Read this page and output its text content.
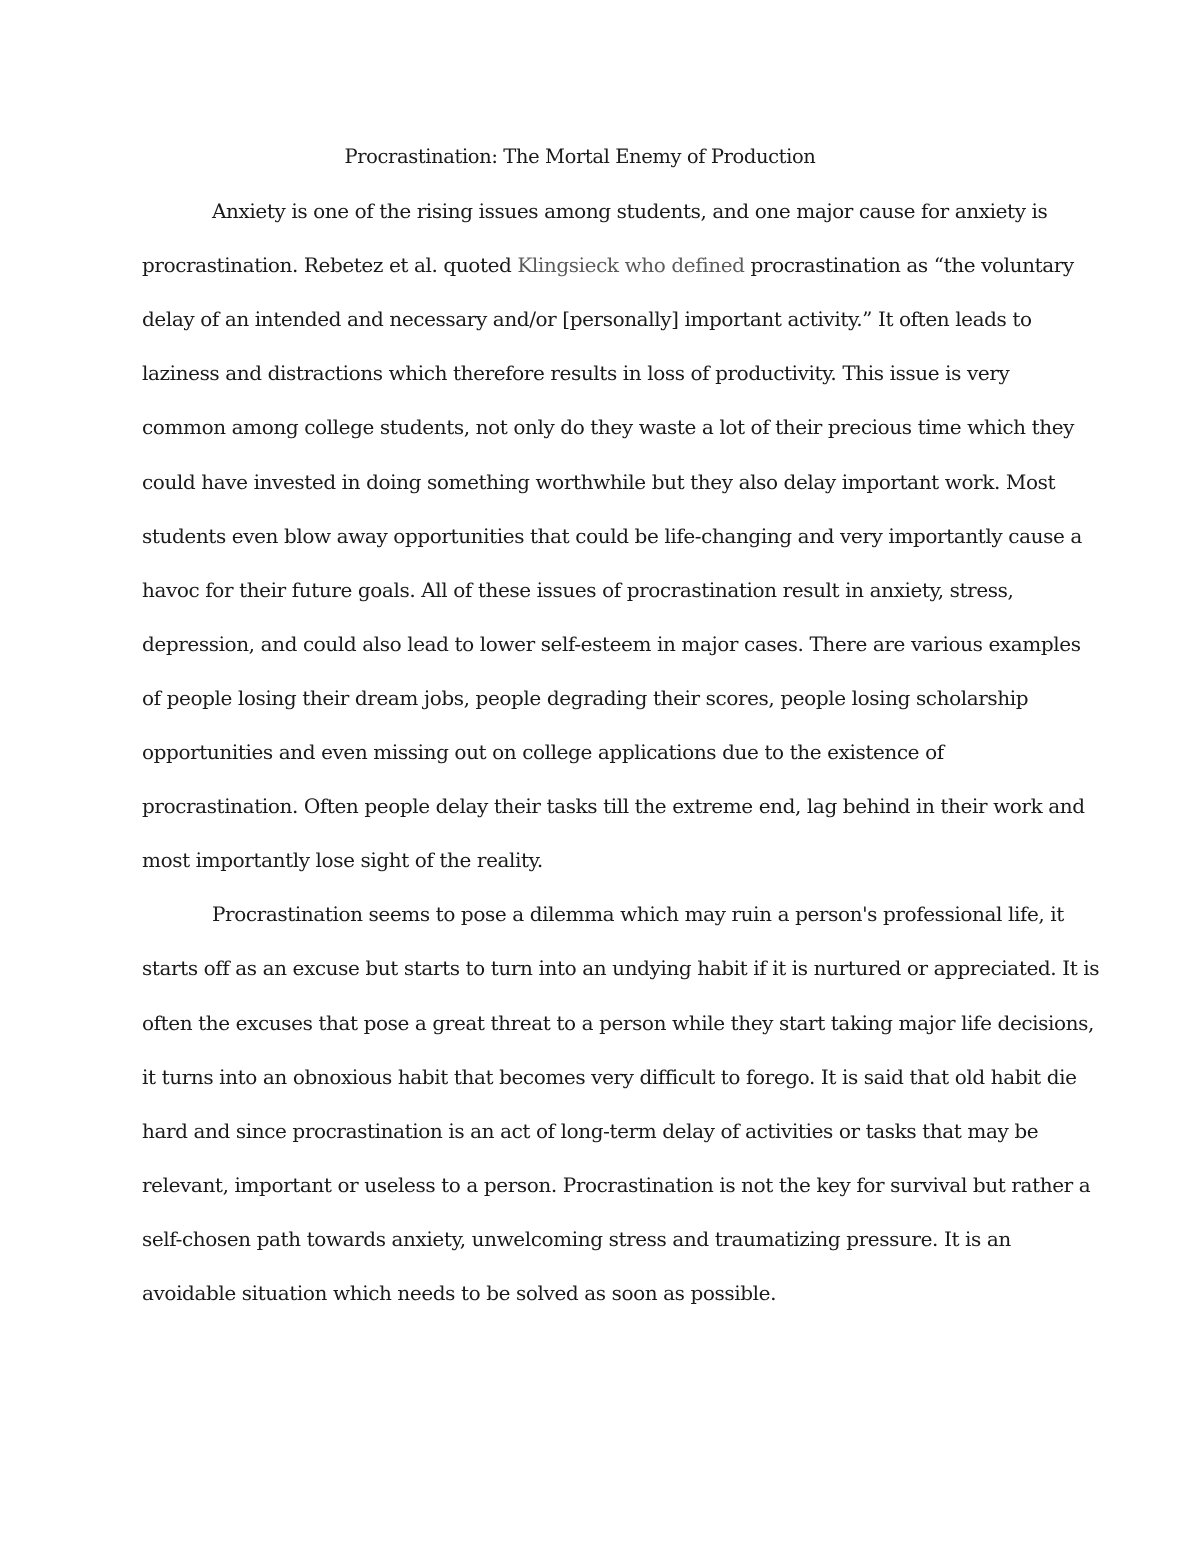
Procrastination: The Mortal Enemy of Production
Anxiety is one of the rising issues among students, and one major cause for anxiety is
procrastination. Rebetez et al. quoted Klingsieck who defined procrastination as “the voluntary
delay of an intended and necessary and/or [personally] important activity.” It often leads to
laziness and distractions which therefore results in loss of productivity. This issue is very
common among college students, not only do they waste a lot of their precious time which they
could have invested in doing something worthwhile but they also delay important work. Most
students even blow away opportunities that could be life-changing and very importantly cause a
havoc for their future goals. All of these issues of procrastination result in anxiety, stress,
depression, and could also lead to lower self-esteem in major cases. There are various examples
of people losing their dream jobs, people degrading their scores, people losing scholarship
opportunities and even missing out on college applications due to the existence of
procrastination. Often people delay their tasks till the extreme end, lag behind in their work and
most importantly lose sight of the reality.
Procrastination seems to pose a dilemma which may ruin a person's professional life, it
starts off as an excuse but starts to turn into an undying habit if it is nurtured or appreciated. It is
often the excuses that pose a great threat to a person while they start taking major life decisions,
it turns into an obnoxious habit that becomes very difficult to forego. It is said that old habit die
hard and since procrastination is an act of long-term delay of activities or tasks that may be
relevant, important or useless to a person. Procrastination is not the key for survival but rather a
self-chosen path towards anxiety, unwelcoming stress and traumatizing pressure. It is an
avoidable situation which needs to be solved as soon as possible.
